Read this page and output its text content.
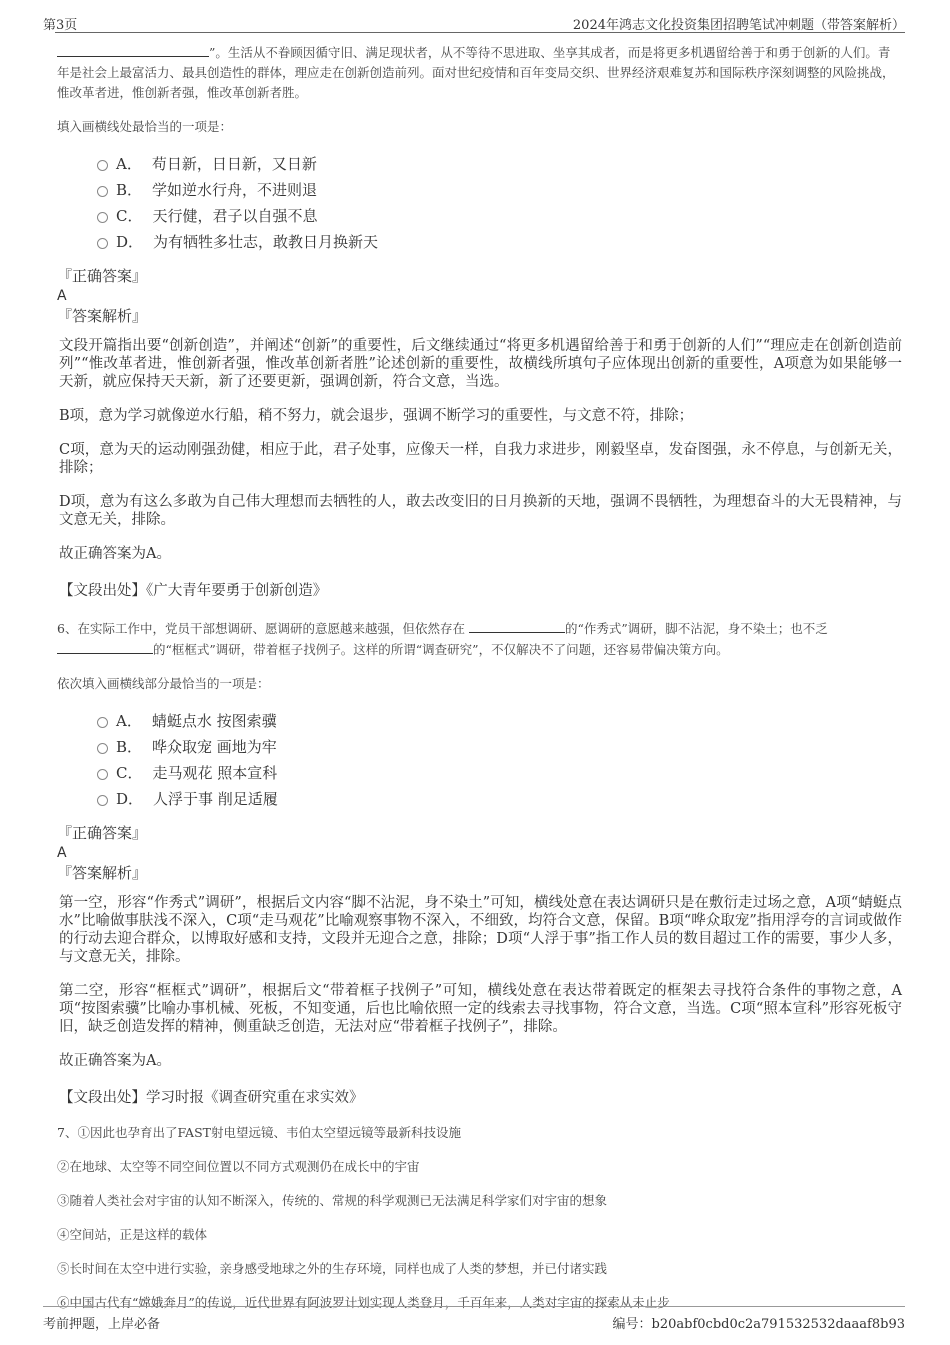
第3页	2024年鸿志文化投资集团招聘笔试冲刺题（带答案解析）

”。生活从不眷顾因循守旧、满足现状者，从不等待不思进取、坐享其成者，而是将更多机遇留给善于和勇于创新的人们。青年是社会上最富活力、最具创造性的群体，理应走在创新创造前列。面对世纪疫情和百年变局交织、世界经济艰难复苏和国际秩序深刻调整的风险挑战，惟改革者进，惟创新者强，惟改革创新者胜。

填入画横线处最恰当的一项是：

A． 苟日新，日日新，又日新
B． 学如逆水行舟，不进则退
C． 天行健，君子以自强不息
D． 为有牺牲多壮志，敢教日月换新天

『正确答案』

A

『答案解析』

文段开篇指出要“创新创造”，并阐述“创新”的重要性，后文继续通过“将更多机遇留给善于和勇于创新的人们”“理应走在创新创造前列”“惟改革者进，惟创新者强，惟改革创新者胜”论述创新的重要性，故横线所填句子应体现出创新的重要性，A项意为如果能够一天新，就应保持天天新，新了还要更新，强调创新，符合文意，当选。

B项，意为学习就像逆水行船，稍不努力，就会退步，强调不断学习的重要性，与文意不符，排除；

C项，意为天的运动刚强劲健，相应于此，君子处事，应像天一样，自我力求进步，刚毅坚卓，发奋图强，永不停息，与创新无关，排除；

D项，意为有这么多敢为自己伟大理想而去牺牲的人，敢去改变旧的日月换新的天地，强调不畏牺牲，为理想奋斗的大无畏精神，与文意无关，排除。

故正确答案为A。

【文段出处】《广大青年要勇于创新创造》

6、在实际工作中，党员干部想调研、愿调研的意愿越来越强，但依然存在	的“作秀式”调研，脚不沾泥，身不染土；也不乏
的“框框式”调研，带着框子找例子。这样的所谓“调查研究”，不仅解决不了问题，还容易带偏决策方向。

依次填入画横线部分最恰当的一项是：

A． 蜻蜓点水 按图索骥
B． 哗众取宠 画地为牢
C． 走马观花 照本宣科
D． 人浮于事 削足适履

『正确答案』

A

『答案解析』

第一空，形容“作秀式”调研”，根据后文内容“脚不沾泥，身不染土”可知，横线处意在表达调研只是在敷衍走过场之意，A项“蜻蜓点水”比喻做事肤浅不深入，C项“走马观花”比喻观察事物不深入，不细致，均符合文意，保留。B项“哗众取宠”指用浮夸的言词或做作的行动去迎合群众，以博取好感和支持，文段并无迎合之意，排除；D项“人浮于事”指工作人员的数目超过工作的需要，事少人多，与文意无关，排除。

第二空，形容“框框式”调研”，根据后文“带着框子找例子”可知，横线处意在表达带着既定的框架去寻找符合条件的事物之意，A项“按图索骥”比喻办事机械、死板，不知变通，后也比喻依照一定的线索去寻找事物，符合文意，当选。C项“照本宣科”形容死板守旧，缺乏创造发挥的精神，侧重缺乏创造，无法对应“带着框子找例子”，排除。

故正确答案为A。

【文段出处】学习时报《调查研究重在求实效》

7、①因此也孕育出了FAST射电望远镜、韦伯太空望远镜等最新科技设施

②在地球、太空等不同空间位置以不同方式观测仍在成长中的宇宙

③随着人类社会对宇宙的认知不断深入，传统的、常规的科学观测已无法满足科学家们对宇宙的想象

④空间站，正是这样的载体

⑤长时间在太空中进行实验，亲身感受地球之外的生存环境，同样也成了人类的梦想，并已付诸实践

⑥中国古代有“嫦娥奔月”的传说，近代世界有阿波罗计划实现人类登月，千百年来，人类对宇宙的探索从未止步

考前押题，上岸必备	编号：b20abf0cbd0c2a791532532daaaf8b93
